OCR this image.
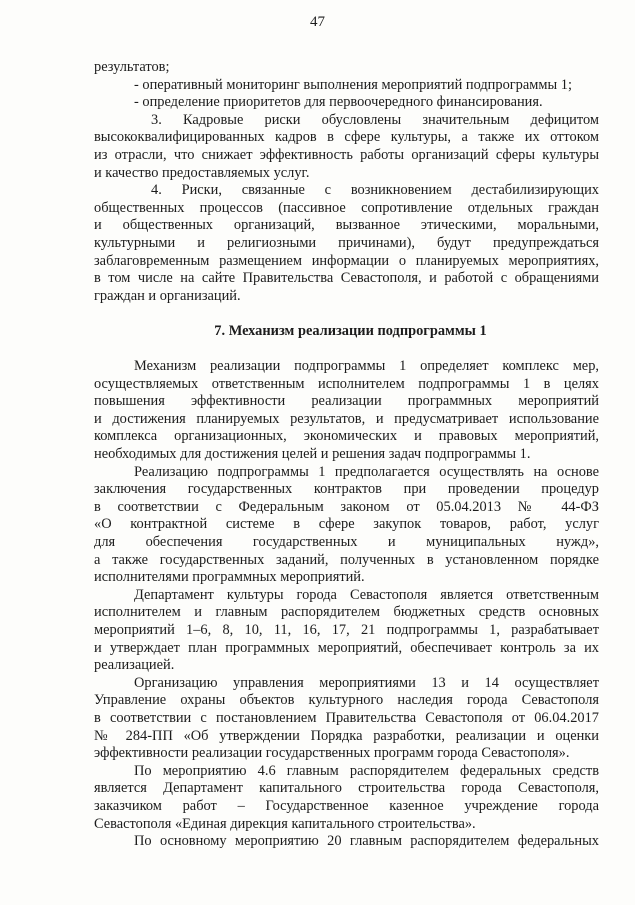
47
результатов;
- оперативный мониторинг выполнения мероприятий подпрограммы 1;
- определение приоритетов для первоочередного финансирования.
3. Кадровые риски обусловлены значительным дефицитом
высококвалифицированных кадров в сфере культуры, а также их оттоком
из отрасли, что снижает эффективность работы организаций сферы культуры
и качество предоставляемых услуг.
4. Риски, связанные с возникновением дестабилизирующих
общественных процессов (пассивное сопротивление отдельных граждан
и общественных организаций, вызванное этическими, моральными,
культурными и религиозными причинами), будут предупреждаться
заблаговременным размещением информации о планируемых мероприятиях,
в том числе на сайте Правительства Севастополя, и работой с обращениями
граждан и организаций.
7. Механизм реализации подпрограммы 1
Механизм реализации подпрограммы 1 определяет комплекс мер,
осуществляемых ответственным исполнителем подпрограммы 1 в целях
повышения эффективности реализации программных мероприятий
и достижения планируемых результатов, и предусматривает использование
комплекса организационных, экономических и правовых мероприятий,
необходимых для достижения целей и решения задач подпрограммы 1.
Реализацию подпрограммы 1 предполагается осуществлять на основе
заключения государственных контрактов при проведении процедур
в соответствии с Федеральным законом от 05.04.2013 № 44-ФЗ
«О контрактной системе в сфере закупок товаров, работ, услуг
для обеспечения государственных и муниципальных нужд»,
а также государственных заданий, полученных в установленном порядке
исполнителями программных мероприятий.
Департамент культуры города Севастополя является ответственным
исполнителем и главным распорядителем бюджетных средств основных
мероприятий 1–6, 8, 10, 11, 16, 17, 21 подпрограммы 1, разрабатывает
и утверждает план программных мероприятий, обеспечивает контроль за их
реализацией.
Организацию управления мероприятиями 13 и 14 осуществляет
Управление охраны объектов культурного наследия города Севастополя
в соответствии с постановлением Правительства Севастополя от 06.04.2017
№ 284-ПП «Об утверждении Порядка разработки, реализации и оценки
эффективности реализации государственных программ города Севастополя».
По мероприятию 4.6 главным распорядителем федеральных средств
является Департамент капитального строительства города Севастополя,
заказчиком работ – Государственное казенное учреждение города
Севастополя «Единая дирекция капитального строительства».
По основному мероприятию 20 главным распорядителем федеральных
